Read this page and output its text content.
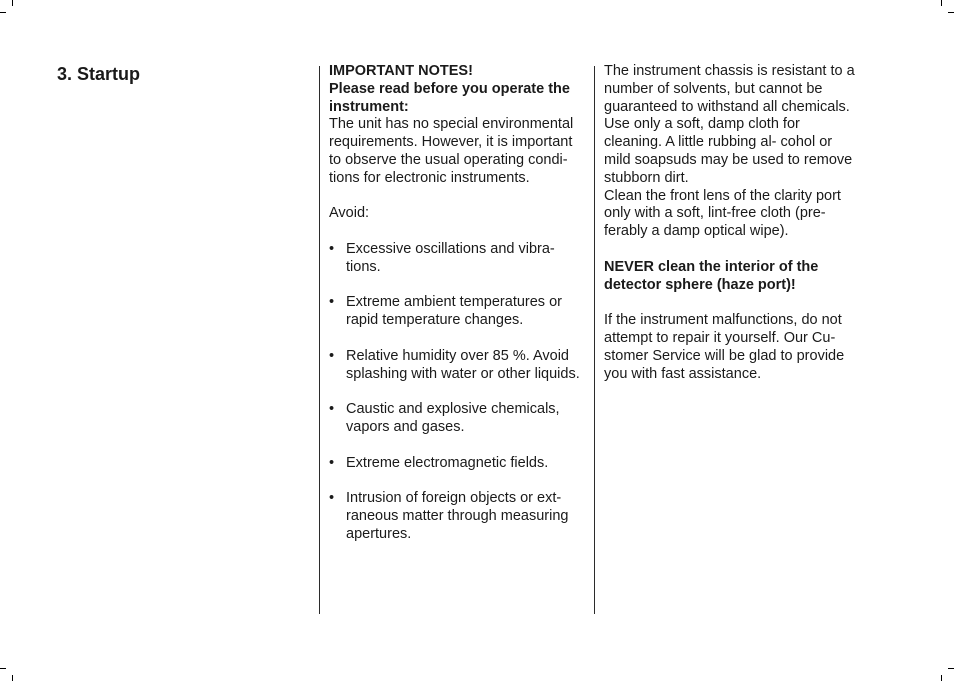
3. Startup	IMPORTANT NOTES!

Please read before you operate the instrument:

The unit has no special environmental requirements. However, it is important to observe the usual operating condi- tions for electronic instruments.

Avoid:

• Excessive oscillations and vibra- tions.
• Extreme ambient temperatures or rapid temperature changes.
• Relative humidity over 85 %. Avoid splashing with water or other liquids.
• Caustic and explosive chemicals, vapors and gases.
• Extreme electromagnetic fields.
• Intrusion of foreign objects or ext- raneous matter through measuring apertures.

The instrument chassis is resistant to a number of solvents, but cannot be guaranteed to withstand all chemicals. Use only a soft, damp cloth for cleaning. A little rubbing al- cohol or mild soapsuds may be used to remove stubborn dirt.

Clean the front lens of the clarity port only with a soft, lint-free cloth (pre- ferably a damp optical wipe).

NEVER clean the interior of the detector sphere (haze port)!

If the instrument malfunctions, do not attempt to repair it yourself. Our Cu- stomer Service will be glad to provide you with fast assistance.
